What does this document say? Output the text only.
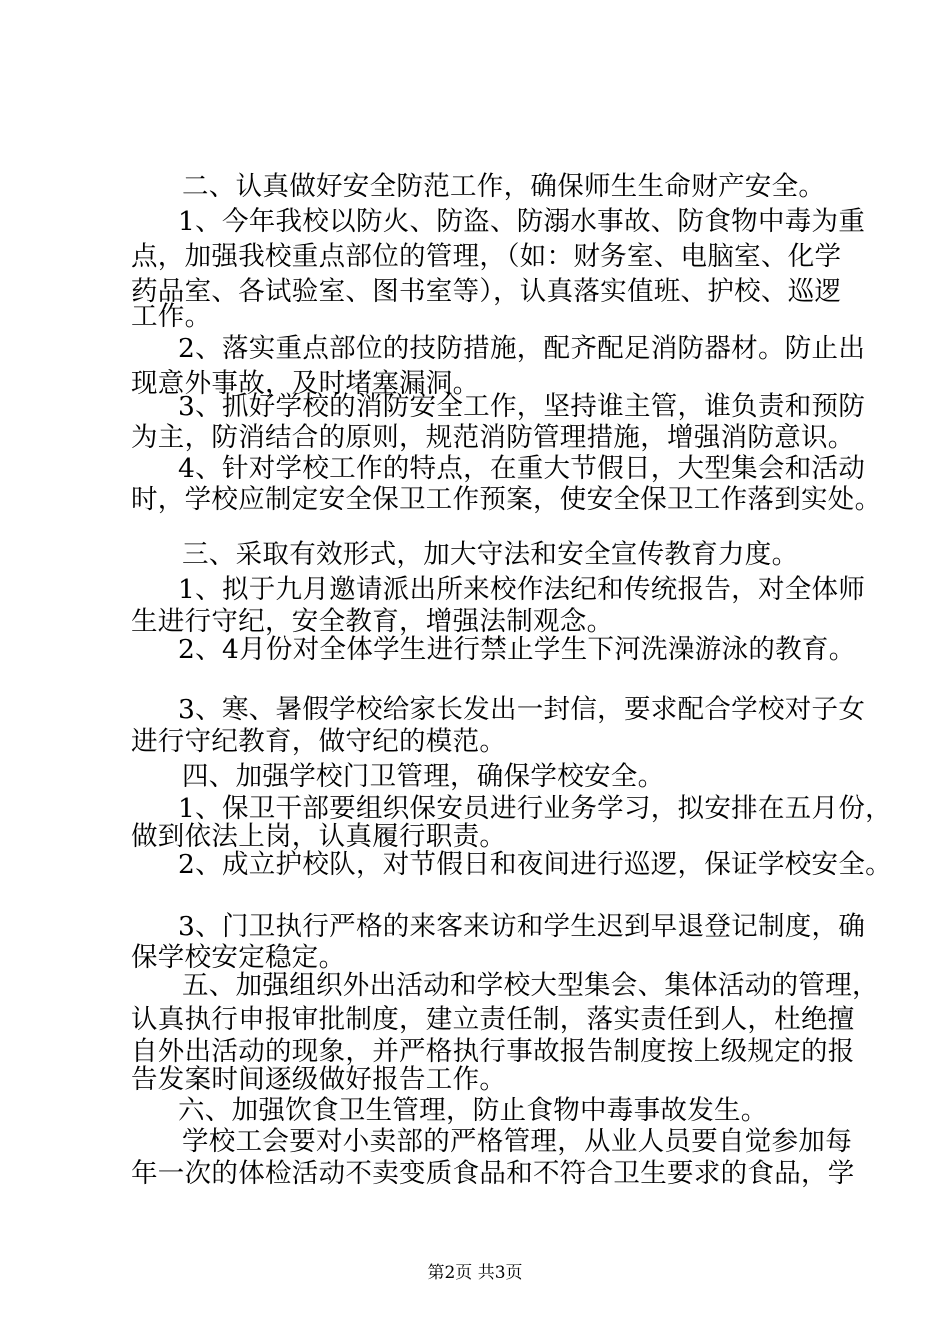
二、认真做好安全防范工作，确保师生生命财产安全。
1、今年我校以防火、防盗、防溺水事故、防食物中毒为重
点，加强我校重点部位的管理，（如：财务室、电脑室、化学
药品室、各试验室、图书室等），认真落实值班、护校、巡逻
工作。
2、落实重点部位的技防措施，配齐配足消防器材。防止出
现意外事故，及时堵塞漏洞。
3、抓好学校的消防安全工作，坚持谁主管，谁负责和预防
为主，防消结合的原则，规范消防管理措施，增强消防意识。
4、针对学校工作的特点，在重大节假日，大型集会和活动
时，学校应制定安全保卫工作预案，使安全保卫工作落到实处。
三、采取有效形式，加大守法和安全宣传教育力度。
1、拟于九月邀请派出所来校作法纪和传统报告，对全体师
生进行守纪，安全教育，增强法制观念。
2、4月份对全体学生进行禁止学生下河洗澡游泳的教育。
3、寒、暑假学校给家长发出一封信，要求配合学校对子女
进行守纪教育，做守纪的模范。
四、加强学校门卫管理，确保学校安全。
1、保卫干部要组织保安员进行业务学习，拟安排在五月份，
做到依法上岗，认真履行职责。
2、成立护校队，对节假日和夜间进行巡逻，保证学校安全。
3、门卫执行严格的来客来访和学生迟到早退登记制度，确
保学校安定稳定。
五、加强组织外出活动和学校大型集会、集体活动的管理，
认真执行申报审批制度，建立责任制，落实责任到人，杜绝擅
自外出活动的现象，并严格执行事故报告制度按上级规定的报
告发案时间逐级做好报告工作。
六、加强饮食卫生管理，防止食物中毒事故发生。
学校工会要对小卖部的严格管理，从业人员要自觉参加每
年一次的体检活动不卖变质食品和不符合卫生要求的食品，学
第2页 共3页
